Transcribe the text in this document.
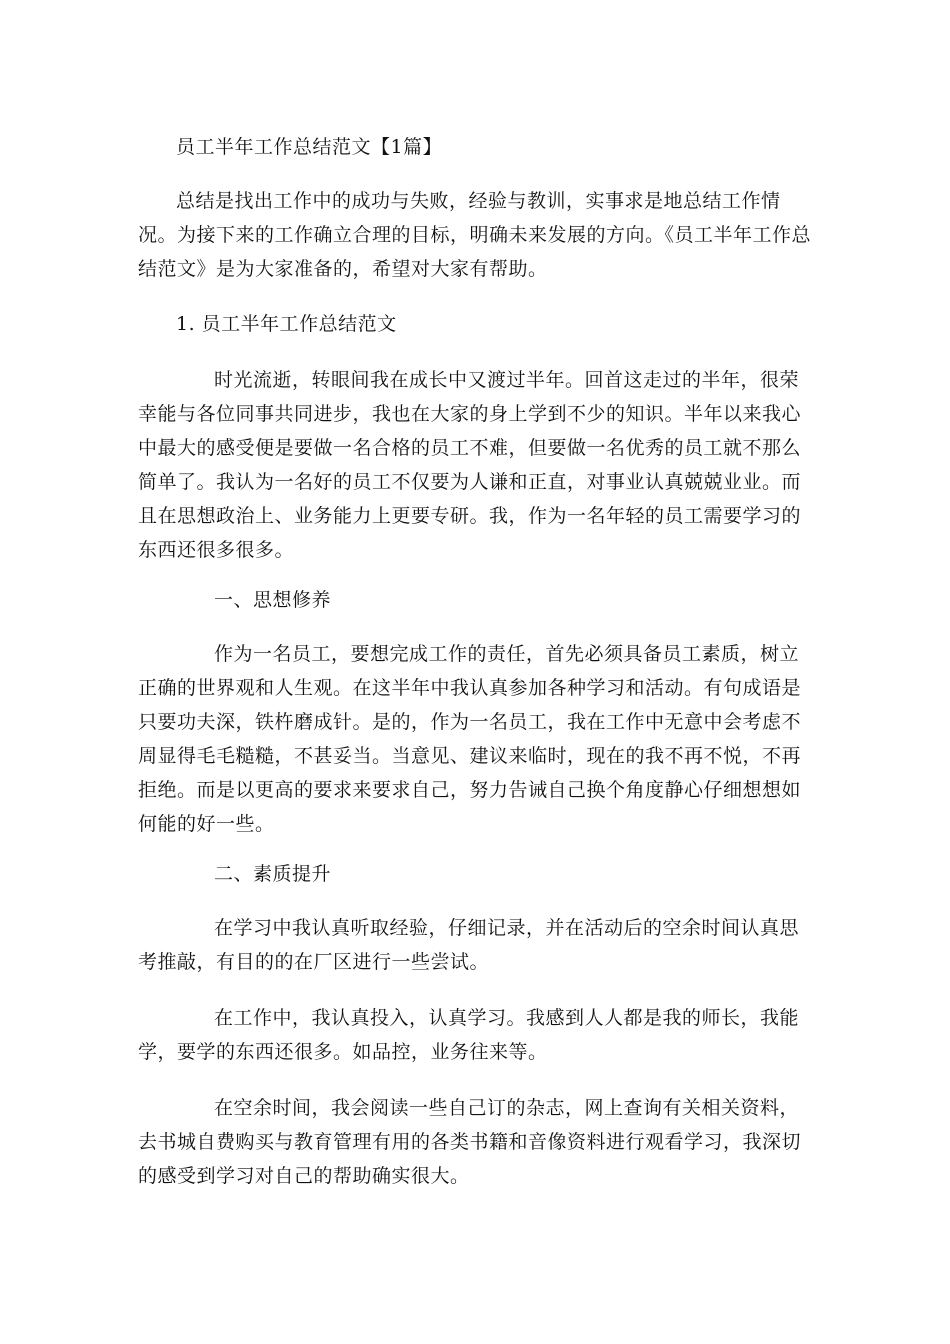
员工半年工作总结范文【1篇】

总结是找出工作中的成功与失败，经验与教训，实事求是地总结工作情况。为接下来的工作确立合理的目标，明确未来发展的方向。《员工半年工作总结范文》是为大家准备的，希望对大家有帮助。

1. 员工半年工作总结范文

时光流逝，转眼间我在成长中又渡过半年。回首这走过的半年，很荣幸能与各位同事共同进步，我也在大家的身上学到不少的知识。半年以来我心中最大的感受便是要做一名合格的员工不难，但要做一名优秀的员工就不那么简单了。我认为一名好的员工不仅要为人谦和正直，对事业认真兢兢业业。而且在思想政治上、业务能力上更要专研。我，作为一名年轻的员工需要学习的东西还很多很多。

一、思想修养

作为一名员工，要想完成工作的责任，首先必须具备员工素质，树立正确的世界观和人生观。在这半年中我认真参加各种学习和活动。有句成语是只要功夫深，铁杵磨成针。是的，作为一名员工，我在工作中无意中会考虑不周显得毛毛糙糙，不甚妥当。当意见、建议来临时，现在的我不再不悦，不再拒绝。而是以更高的要求来要求自己，努力告诫自己换个角度静心仔细想想如何能的好一些。

二、素质提升

在学习中我认真听取经验，仔细记录，并在活动后的空余时间认真思考推敲，有目的的在厂区进行一些尝试。

在工作中，我认真投入，认真学习。我感到人人都是我的师长，我能学，要学的东西还很多。如品控，业务往来等。

在空余时间，我会阅读一些自己订的杂志，网上查询有关相关资料，去书城自费购买与教育管理有用的各类书籍和音像资料进行观看学习，我深切的感受到学习对自己的帮助确实很大。
